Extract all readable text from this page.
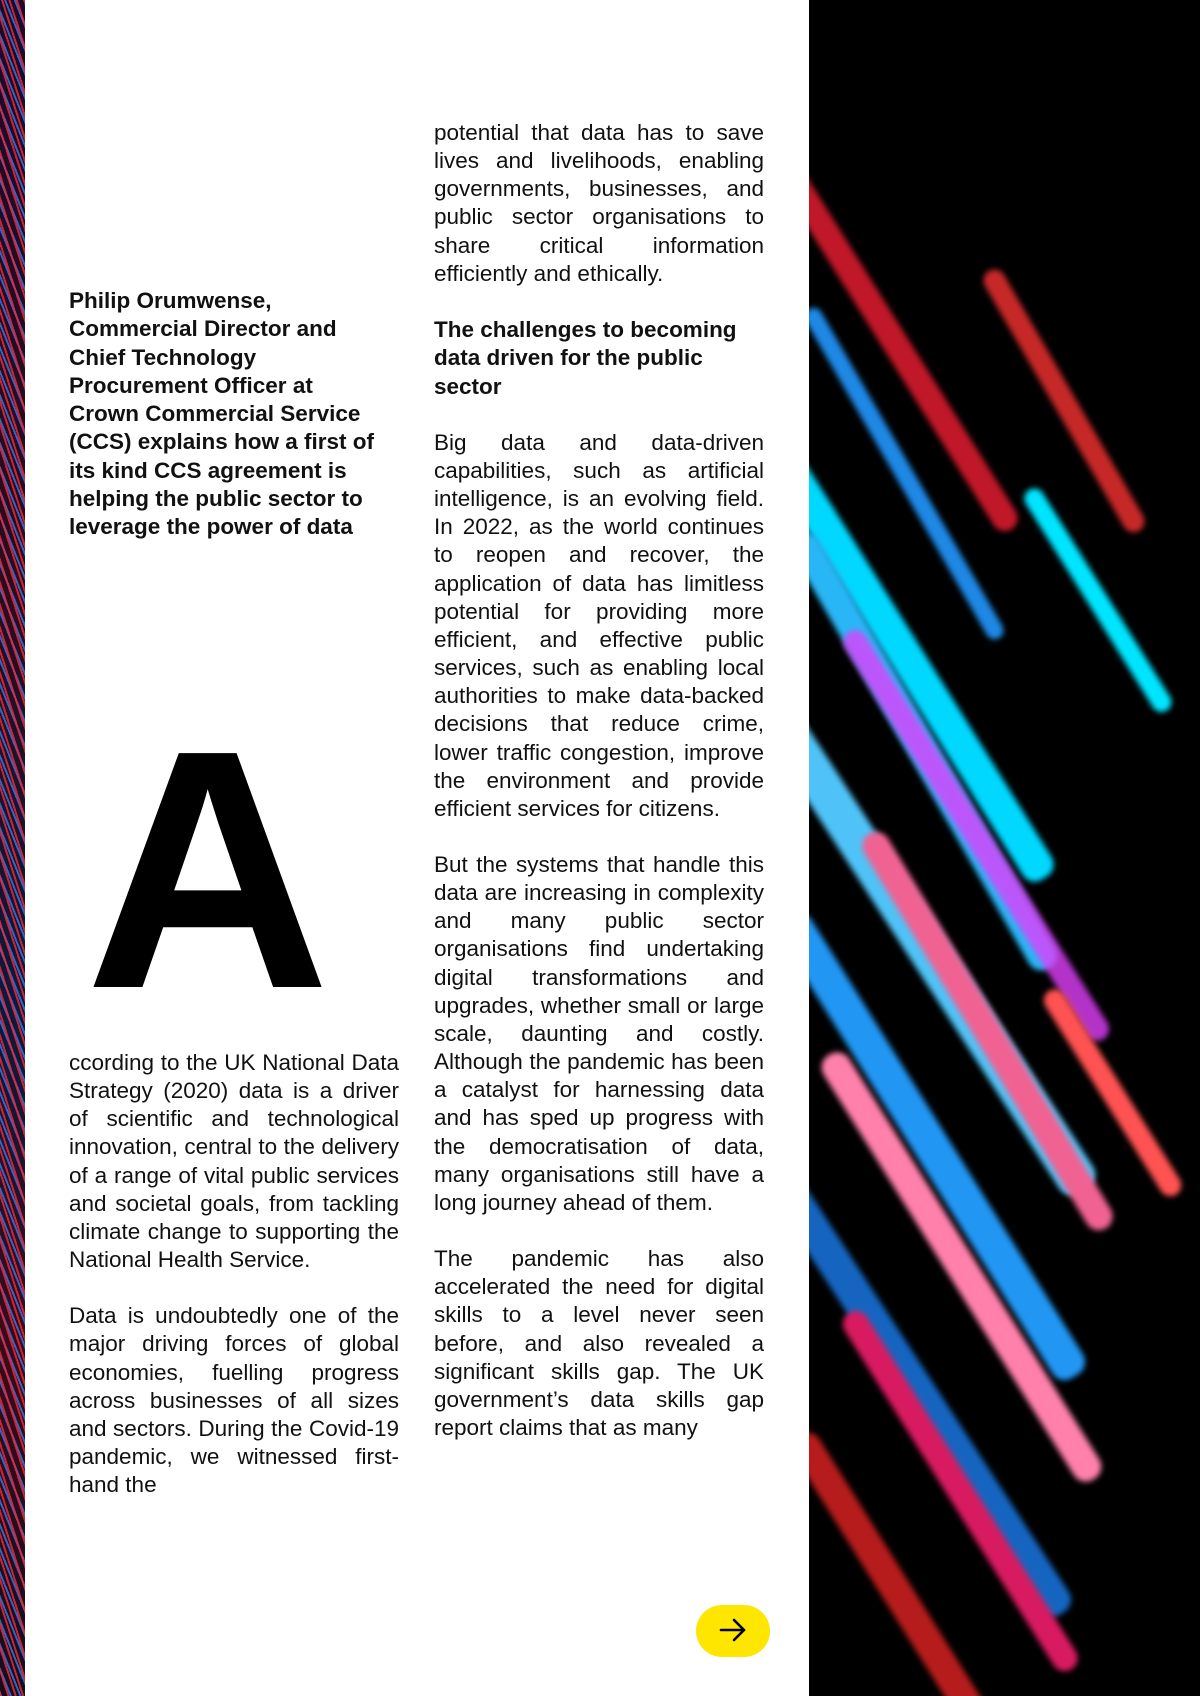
Philip Orumwense, Commercial Director and Chief Technology Procurement Officer at Crown Commercial Service (CCS) explains how a first of its kind CCS agreement is helping the public sector to leverage the power of data
A

ccording to the UK National Data Strategy (2020) data is a driver of scientific and technological innovation, central to the delivery of a range of vital public services and societal goals, from tackling climate change to supporting the National Health Service.

Data is undoubtedly one of the major driving forces of global economies, fuelling progress across businesses of all sizes and sectors. During the Covid-19 pandemic, we witnessed first-hand the

potential that data has to save lives and livelihoods, enabling governments, businesses, and public sector organisations to share critical information efficiently and ethically.

The challenges to becoming data driven for the public sector

Big data and data-driven capabilities, such as artificial intelligence, is an evolving field. In 2022, as the world continues to reopen and recover, the application of data has limitless potential for providing more efficient, and effective public services, such as enabling local authorities to make data-backed decisions that reduce crime, lower traffic congestion, improve the environment and provide efficient services for citizens.

But the systems that handle this data are increasing in complexity and many public sector organisations find undertaking digital transformations and upgrades, whether small or large scale, daunting and costly. Although the pandemic has been a catalyst for harnessing data and has sped up progress with the democratisation of data, many organisations still have a long journey ahead of them.

The pandemic has also accelerated the need for digital skills to a level never seen before, and also revealed a significant skills gap. The UK government’s data skills gap report claims that as many
